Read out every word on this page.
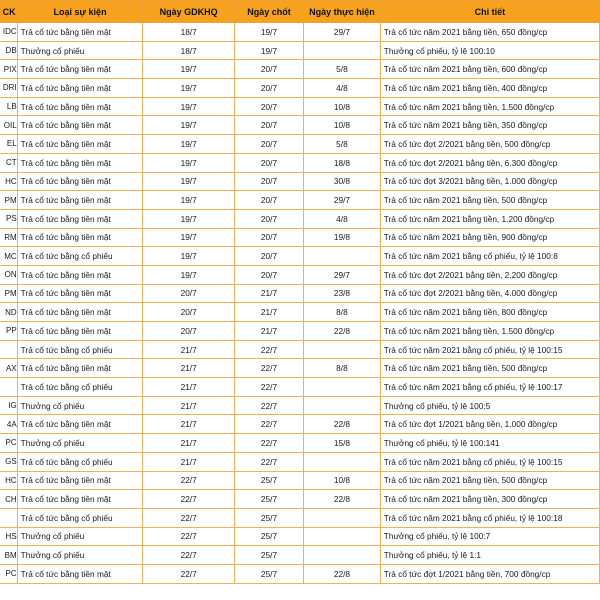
CK	Loại sự kiện	Ngày GDKHQ	Ngày chốt	Ngày thực hiện	Chi tiết
IDC	Trả cổ tức bằng tiền mặt	18/7	19/7	29/7	Trả cổ tức năm 2021 bằng tiền, 650 đồng/cp
DB	Thưởng cổ phiếu	18/7	19/7		Thưởng cổ phiếu, tỷ lệ 100:10
PIX	Trả cổ tức bằng tiền mặt	19/7	20/7	5/8	Trả cổ tức năm 2021 bằng tiền, 600 đồng/cp
DRI	Trả cổ tức bằng tiền mặt	19/7	20/7	4/8	Trả cổ tức năm 2021 bằng tiền, 400 đồng/cp
LB	Trả cổ tức bằng tiền mặt	19/7	20/7	10/8	Trả cổ tức năm 2021 bằng tiền, 1.500 đồng/cp
OIL	Trả cổ tức bằng tiền mặt	19/7	20/7	10/8	Trả cổ tức năm 2021 bằng tiền, 350 đồng/cp
EL	Trả cổ tức bằng tiền mặt	19/7	20/7	5/8	Trả cổ tức đợt 2/2021 bằng tiền, 500 đồng/cp
CT	Trả cổ tức bằng tiền mặt	19/7	20/7	18/8	Trả cổ tức đợt 2/2021 bằng tiền, 6.300 đồng/cp
HC	Trả cổ tức bằng tiền mặt	19/7	20/7	30/8	Trả cổ tức đợt 3/2021 bằng tiền, 1.000 đồng/cp
PM	Trả cổ tức bằng tiền mặt	19/7	20/7	29/7	Trả cổ tức năm 2021 bằng tiền, 500 đồng/cp
PS	Trả cổ tức bằng tiền mặt	19/7	20/7	4/8	Trả cổ tức năm 2021 bằng tiền, 1.200 đồng/cp
RM	Trả cổ tức bằng tiền mặt	19/7	20/7	19/8	Trả cổ tức năm 2021 bằng tiền, 900 đồng/cp
MC	Trả cổ tức bằng cổ phiếu	19/7	20/7		Trả cổ tức năm 2021 bằng cổ phiếu, tỷ lệ 100:8
ON	Trả cổ tức bằng tiền mặt	19/7	20/7	29/7	Trả cổ tức đợt 2/2021 bằng tiền, 2.200 đồng/cp
PM	Trả cổ tức bằng tiền mặt	20/7	21/7	23/8	Trả cổ tức đợt 2/2021 bằng tiền, 4.000 đồng/cp
ND	Trả cổ tức bằng tiền mặt	20/7	21/7	8/8	Trả cổ tức năm 2021 bằng tiền, 800 đồng/cp
PP	Trả cổ tức bằng tiền mặt	20/7	21/7	22/8	Trả cổ tức năm 2021 bằng tiền, 1.500 đồng/cp
	Trả cổ tức bằng cổ phiếu	21/7	22/7		Trả cổ tức năm 2021 bằng cổ phiếu, tỷ lệ 100:15
AX	Trả cổ tức bằng tiền mặt	21/7	22/7	8/8	Trả cổ tức năm 2021 bằng tiền, 500 đồng/cp
	Trả cổ tức bằng cổ phiếu	21/7	22/7		Trả cổ tức năm 2021 bằng cổ phiếu, tỷ lệ 100:17
IG	Thưởng cổ phiếu	21/7	22/7		Thưởng cổ phiếu, tỷ lệ 100:5
4A	Trả cổ tức bằng tiền mặt	21/7	22/7	22/8	Trả cổ tức đợt 1/2021 bằng tiền, 1.000 đồng/cp
PC	Thưởng cổ phiếu	21/7	22/7	15/8	Thưởng cổ phiếu, tỷ lệ 100:141
GS	Trả cổ tức bằng cổ phiếu	21/7	22/7		Trả cổ tức năm 2021 bằng cổ phiếu, tỷ lệ 100:15
HC	Trả cổ tức bằng tiền mặt	22/7	25/7	10/8	Trả cổ tức năm 2021 bằng tiền, 500 đồng/cp
CH	Trả cổ tức bằng tiền mặt	22/7	25/7	22/8	Trả cổ tức năm 2021 bằng tiền, 300 đồng/cp
	Trả cổ tức bằng cổ phiếu	22/7	25/7		Trả cổ tức năm 2021 bằng cổ phiếu, tỷ lệ 100:18
HS	Thưởng cổ phiếu	22/7	25/7		Thưởng cổ phiếu, tỷ lệ 100:7
BM	Thưởng cổ phiếu	22/7	25/7		Thưởng cổ phiếu, tỷ lệ 1:1
PC	Trả cổ tức bằng tiền mặt	22/7	25/7	22/8	Trả cổ tức đợt 1/2021 bằng tiền, 700 đồng/cp
